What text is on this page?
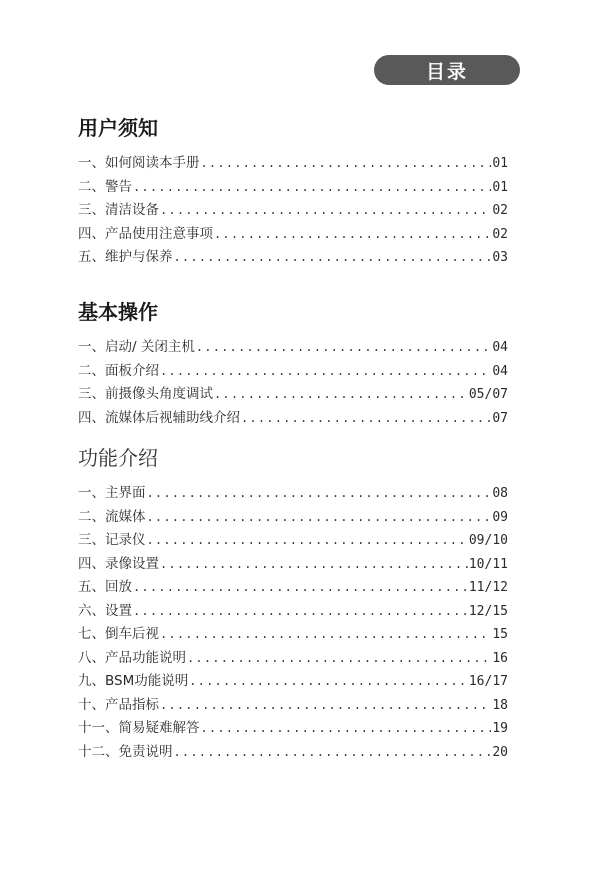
目录
用户须知
一、如何阅读本手册 .....	01
二、警告 .....	01
三、清洁设备 .....	02
四、产品使用注意事项 .....	02
五、维护与保养 .....	03
基本操作
一、启动/ 关闭主机 .....	04
二、面板介绍 .....	04
三、前摄像头角度调试 .....	05/07
四、流媒体后视辅助线介绍 .....	07
功能介绍
一、主界面 .....	08
二、流媒体 .....	09
三、记录仪 .....	09/10
四、录像设置 .....	10/11
五、回放 .....	11/12
六、设置 .....	12/15
七、倒车后视 .....	15
八、产品功能说明 .....	16
九、BSM功能说明 .....	16/17
十、产品指标 .....	18
十一、简易疑难解答 .....	19
十二、免责说明 .....	20
